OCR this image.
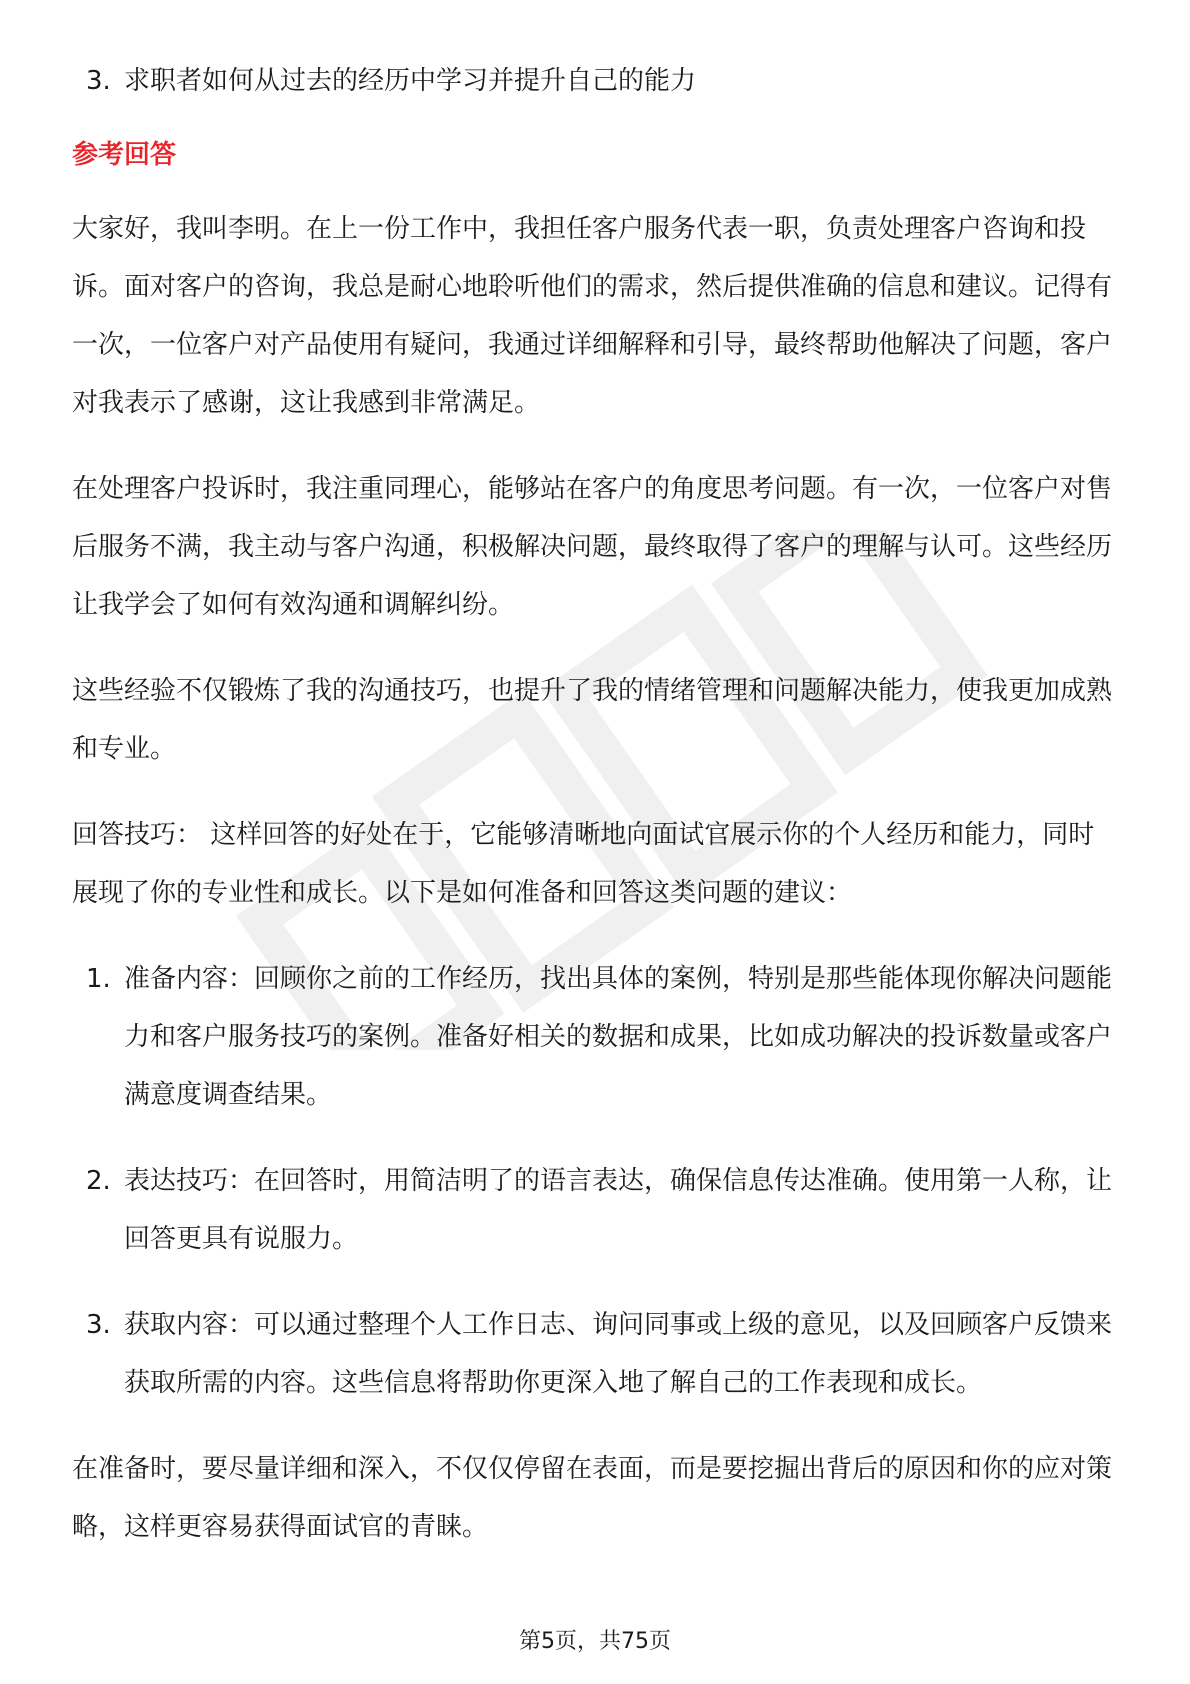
3. 求职者如何从过去的经历中学习并提升自己的能力
参考回答

大家好，我叫李明。在上一份工作中，我担任客户服务代表一职，负责处理客户咨询和投诉。面对客户的咨询，我总是耐心地聆听他们的需求，然后提供准确的信息和建议。记得有一次，一位客户对产品使用有疑问，我通过详细解释和引导，最终帮助他解决了问题，客户对我表示了感谢，这让我感到非常满足。

在处理客户投诉时，我注重同理心，能够站在客户的角度思考问题。有一次，一位客户对售后服务不满，我主动与客户沟通，积极解决问题，最终取得了客户的理解与认可。这些经历让我学会了如何有效沟通和调解纠纷。

这些经验不仅锻炼了我的沟通技巧，也提升了我的情绪管理和问题解决能力，使我更加成熟和专业。

回答技巧： 这样回答的好处在于，它能够清晰地向面试官展示你的个人经历和能力，同时展现了你的专业性和成长。以下是如何准备和回答这类问题的建议：

1. 准备内容：回顾你之前的工作经历，找出具体的案例，特别是那些能体现你解决问题能力和客户服务技巧的案例。准备好相关的数据和成果，比如成功解决的投诉数量或客户满意度调查结果。
2. 表达技巧：在回答时，用简洁明了的语言表达，确保信息传达准确。使用第一人称，让回答更具有说服力。
3. 获取内容：可以通过整理个人工作日志、询问同事或上级的意见，以及回顾客户反馈来获取所需的内容。这些信息将帮助你更深入地了解自己的工作表现和成长。

在准备时，要尽量详细和深入，不仅仅停留在表面，而是要挖掘出背后的原因和你的应对策略，这样更容易获得面试官的青睐。

第5页，共75页
